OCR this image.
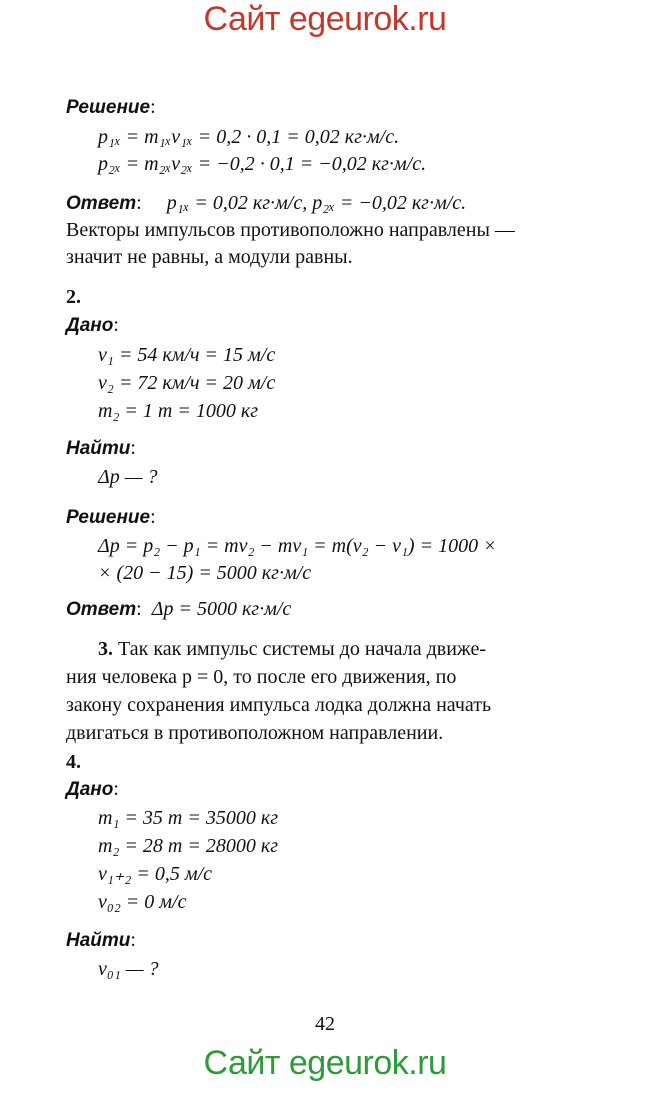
Сайт egeurok.ru
Решение:
p₁ₓ = m₁ₓv₁ₓ = 0,2 · 0,1 = 0,02 кг·м/с.
p₂ₓ = m₂ₓv₂ₓ = −0,2 · 0,1 = −0,02 кг·м/с.
Ответ:     p₁ₓ = 0,02 кг·м/с, p₂ₓ = −0,02 кг·м/с.
Векторы импульсов противоположно направлены —
значит не равны, а модули равны.
2.
Дано:
v₁ = 54 км/ч = 15 м/с
v₂ = 72 км/ч = 20 м/с
m₂ = 1 т = 1000 кг
Найти:
Δp — ?
Решение:
Δp = p₂ − p₁ = mv₂ − mv₁ = m(v₂ − v₁) = 1000 ×
× (20 − 15) = 5000 кг·м/с
Ответ:  Δp = 5000 кг·м/с
3. Так как импульс системы до начала движе-
ния человека p = 0, то после его движения, по
закону сохранения импульса лодка должна начать
двигаться в противоположном направлении.
4.
Дано:
m₁ = 35 т = 35000 кг
m₂ = 28 т = 28000 кг
v₁₊₂ = 0,5 м/с
v₀₂ = 0 м/с
Найти:
v₀₁ — ?
42
Сайт egeurok.ru
